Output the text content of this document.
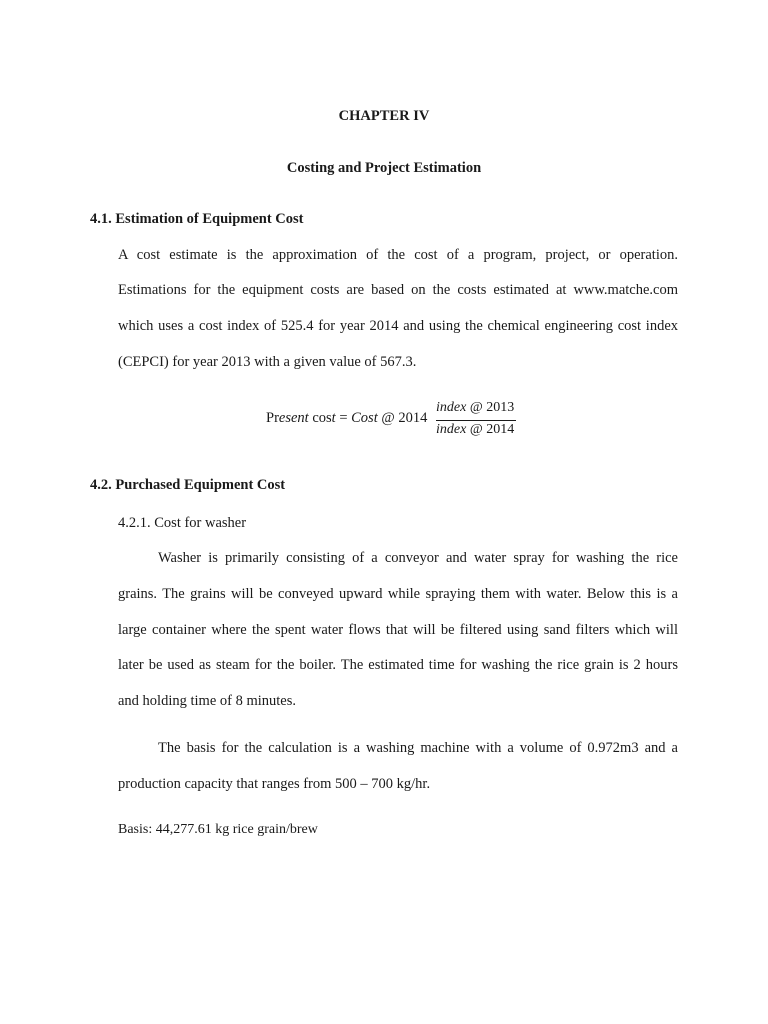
CHAPTER IV
Costing and Project Estimation
4.1. Estimation of Equipment Cost
A cost estimate is the approximation of the cost of a program, project, or operation.
Estimations for the equipment costs are based on the costs estimated at www.matche.com
which uses a cost index of 525.4 for year 2014 and using the chemical engineering cost index
(CEPCI) for year 2013 with a given value of 567.3.
Present cost = Cost @ 2014
index @ 2013
index @ 2014
4.2. Purchased Equipment Cost
4.2.1. Cost for washer
Washer is primarily consisting of a conveyor and water spray for washing the rice
grains. The grains will be conveyed upward while spraying them with water. Below this is a
large container where the spent water flows that will be filtered using sand filters which will
later be used as steam for the boiler. The estimated time for washing the rice grain is 2 hours
and holding time of 8 minutes.
The basis for the calculation is a washing machine with a volume of 0.972m3 and a
production capacity that ranges from 500 – 700 kg/hr.
Basis: 44,277.61 kg rice grain/brew
